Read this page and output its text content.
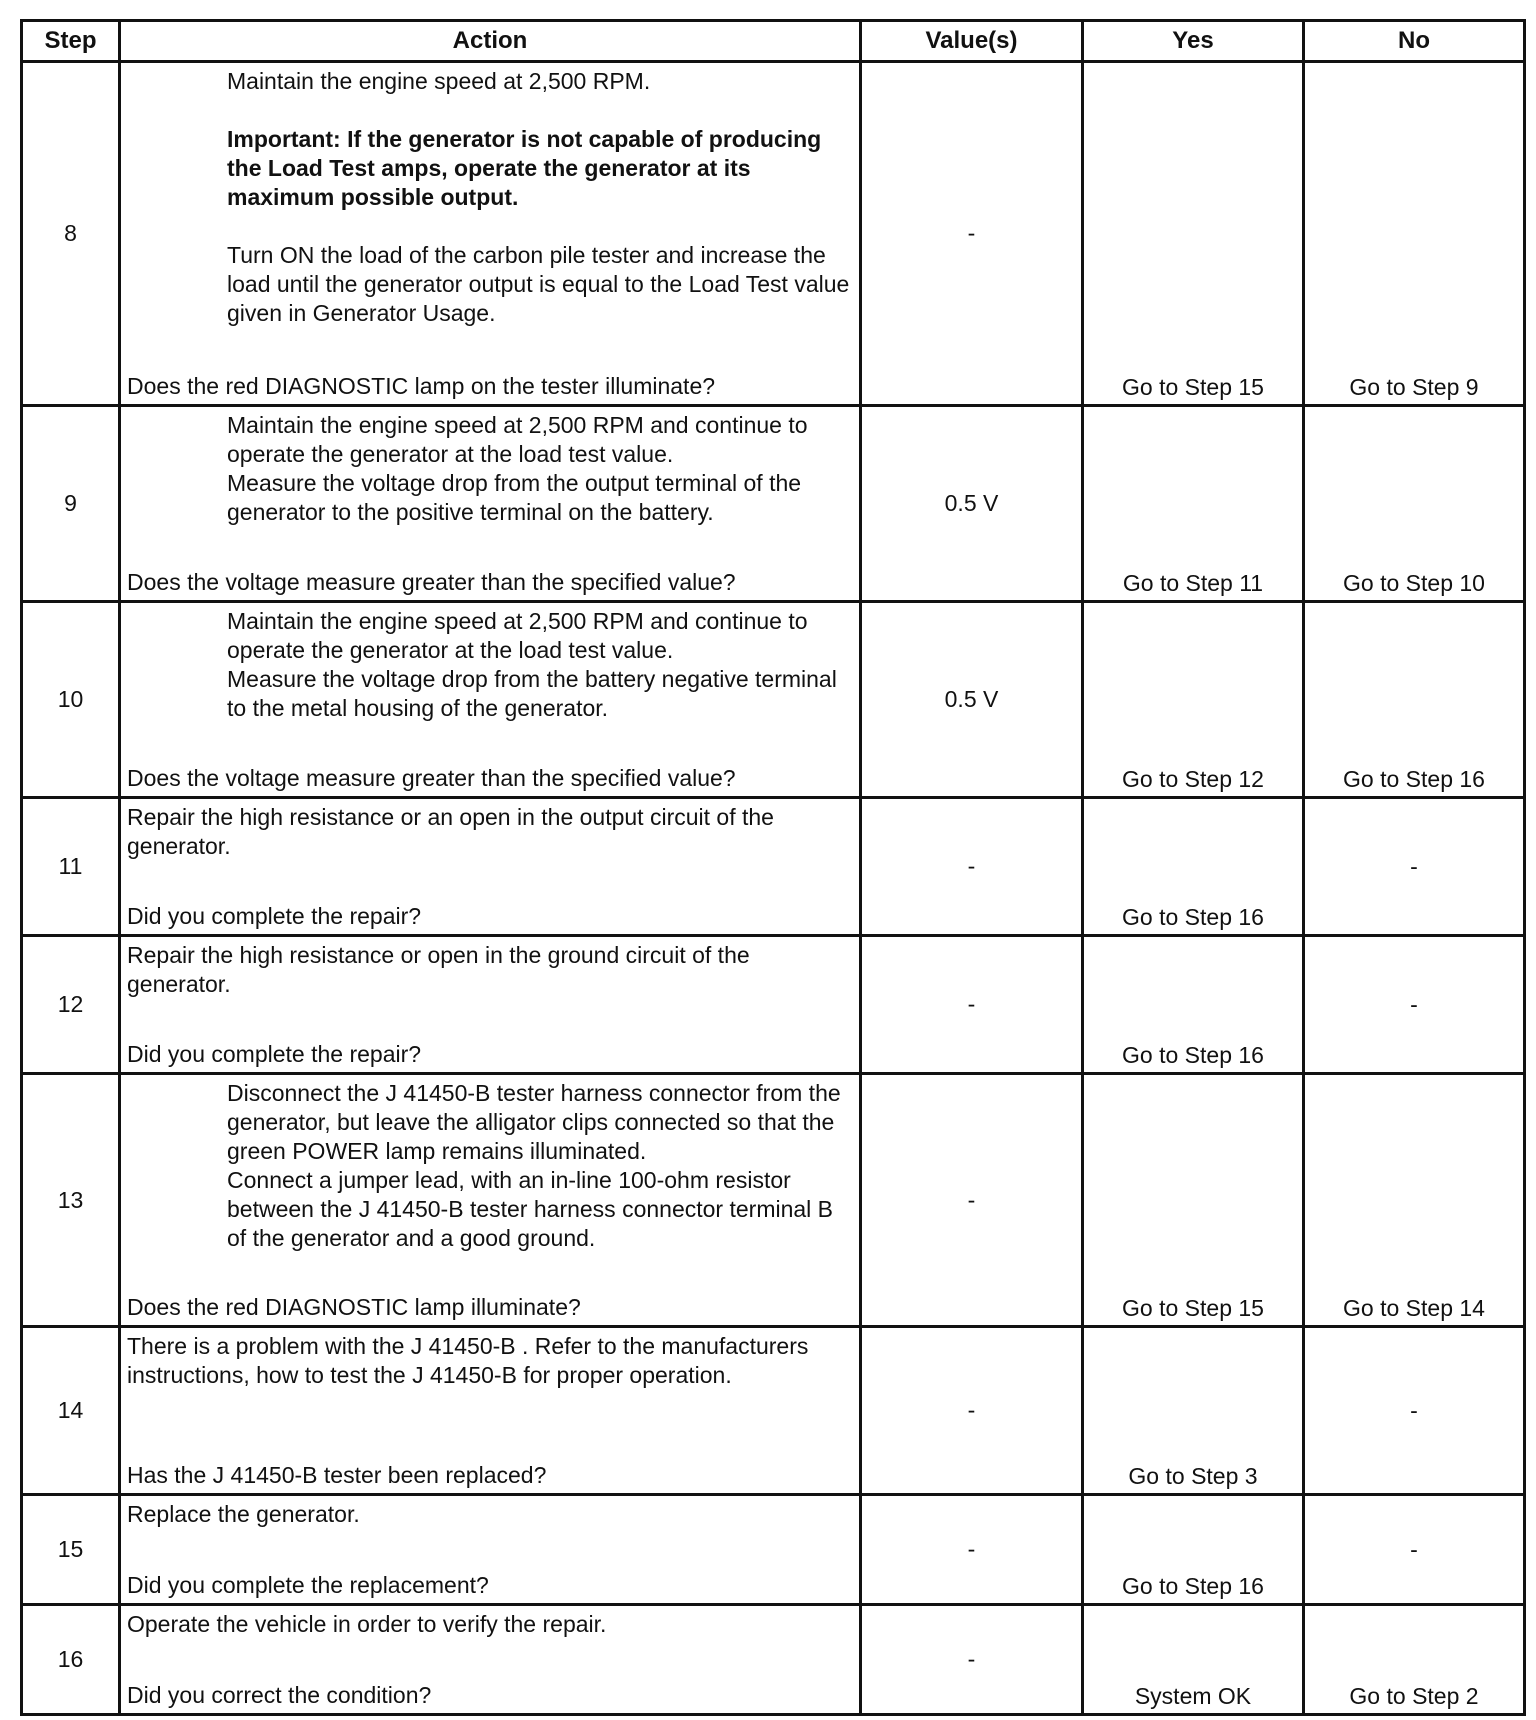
Step	Action	Value(s)	Yes	No
8	Maintain the engine speed at 2,500 RPM.

Important: If the generator is not capable of producing the Load Test amps, operate the generator at its maximum possible output.

Turn ON the load of the carbon pile tester and increase the load until the generator output is equal to the Load Test value given in Generator Usage.

Does the red DIAGNOSTIC lamp on the tester illuminate?	-	Go to Step 15	Go to Step 9

9	Maintain the engine speed at 2,500 RPM and continue to operate the generator at the load test value.

Measure the voltage drop from the output terminal of the generator to the positive terminal on the battery.

Does the voltage measure greater than the specified value?	0.5 V	Go to Step 11	Go to Step 10

10	Maintain the engine speed at 2,500 RPM and continue to operate the generator at the load test value.

Measure the voltage drop from the battery negative terminal to the metal housing of the generator.

Does the voltage measure greater than the specified value?	0.5 V	Go to Step 12	Go to Step 16

11	Repair the high resistance or an open in the output circuit of the generator.

Did you complete the repair?	-	Go to Step 16	-

12	Repair the high resistance or open in the ground circuit of the generator.

Did you complete the repair?	-	Go to Step 16	-

13	Disconnect the J 41450-B tester harness connector from the generator, but leave the alligator clips connected so that the green POWER lamp remains illuminated.

Connect a jumper lead, with an in-line 100-ohm resistor between the J 41450-B tester harness connector terminal B of the generator and a good ground.

Does the red DIAGNOSTIC lamp illuminate?	-	Go to Step 15	Go to Step 14

14	There is a problem with the J 41450-B . Refer to the manufacturers instructions, how to test the J 41450-B for proper operation.

Has the J 41450-B tester been replaced?	-	Go to Step 3	-

15	Replace the generator.

Did you complete the replacement?	-	Go to Step 16	-

16	Operate the vehicle in order to verify the repair.

Did you correct the condition?	-	System OK	Go to Step 2
